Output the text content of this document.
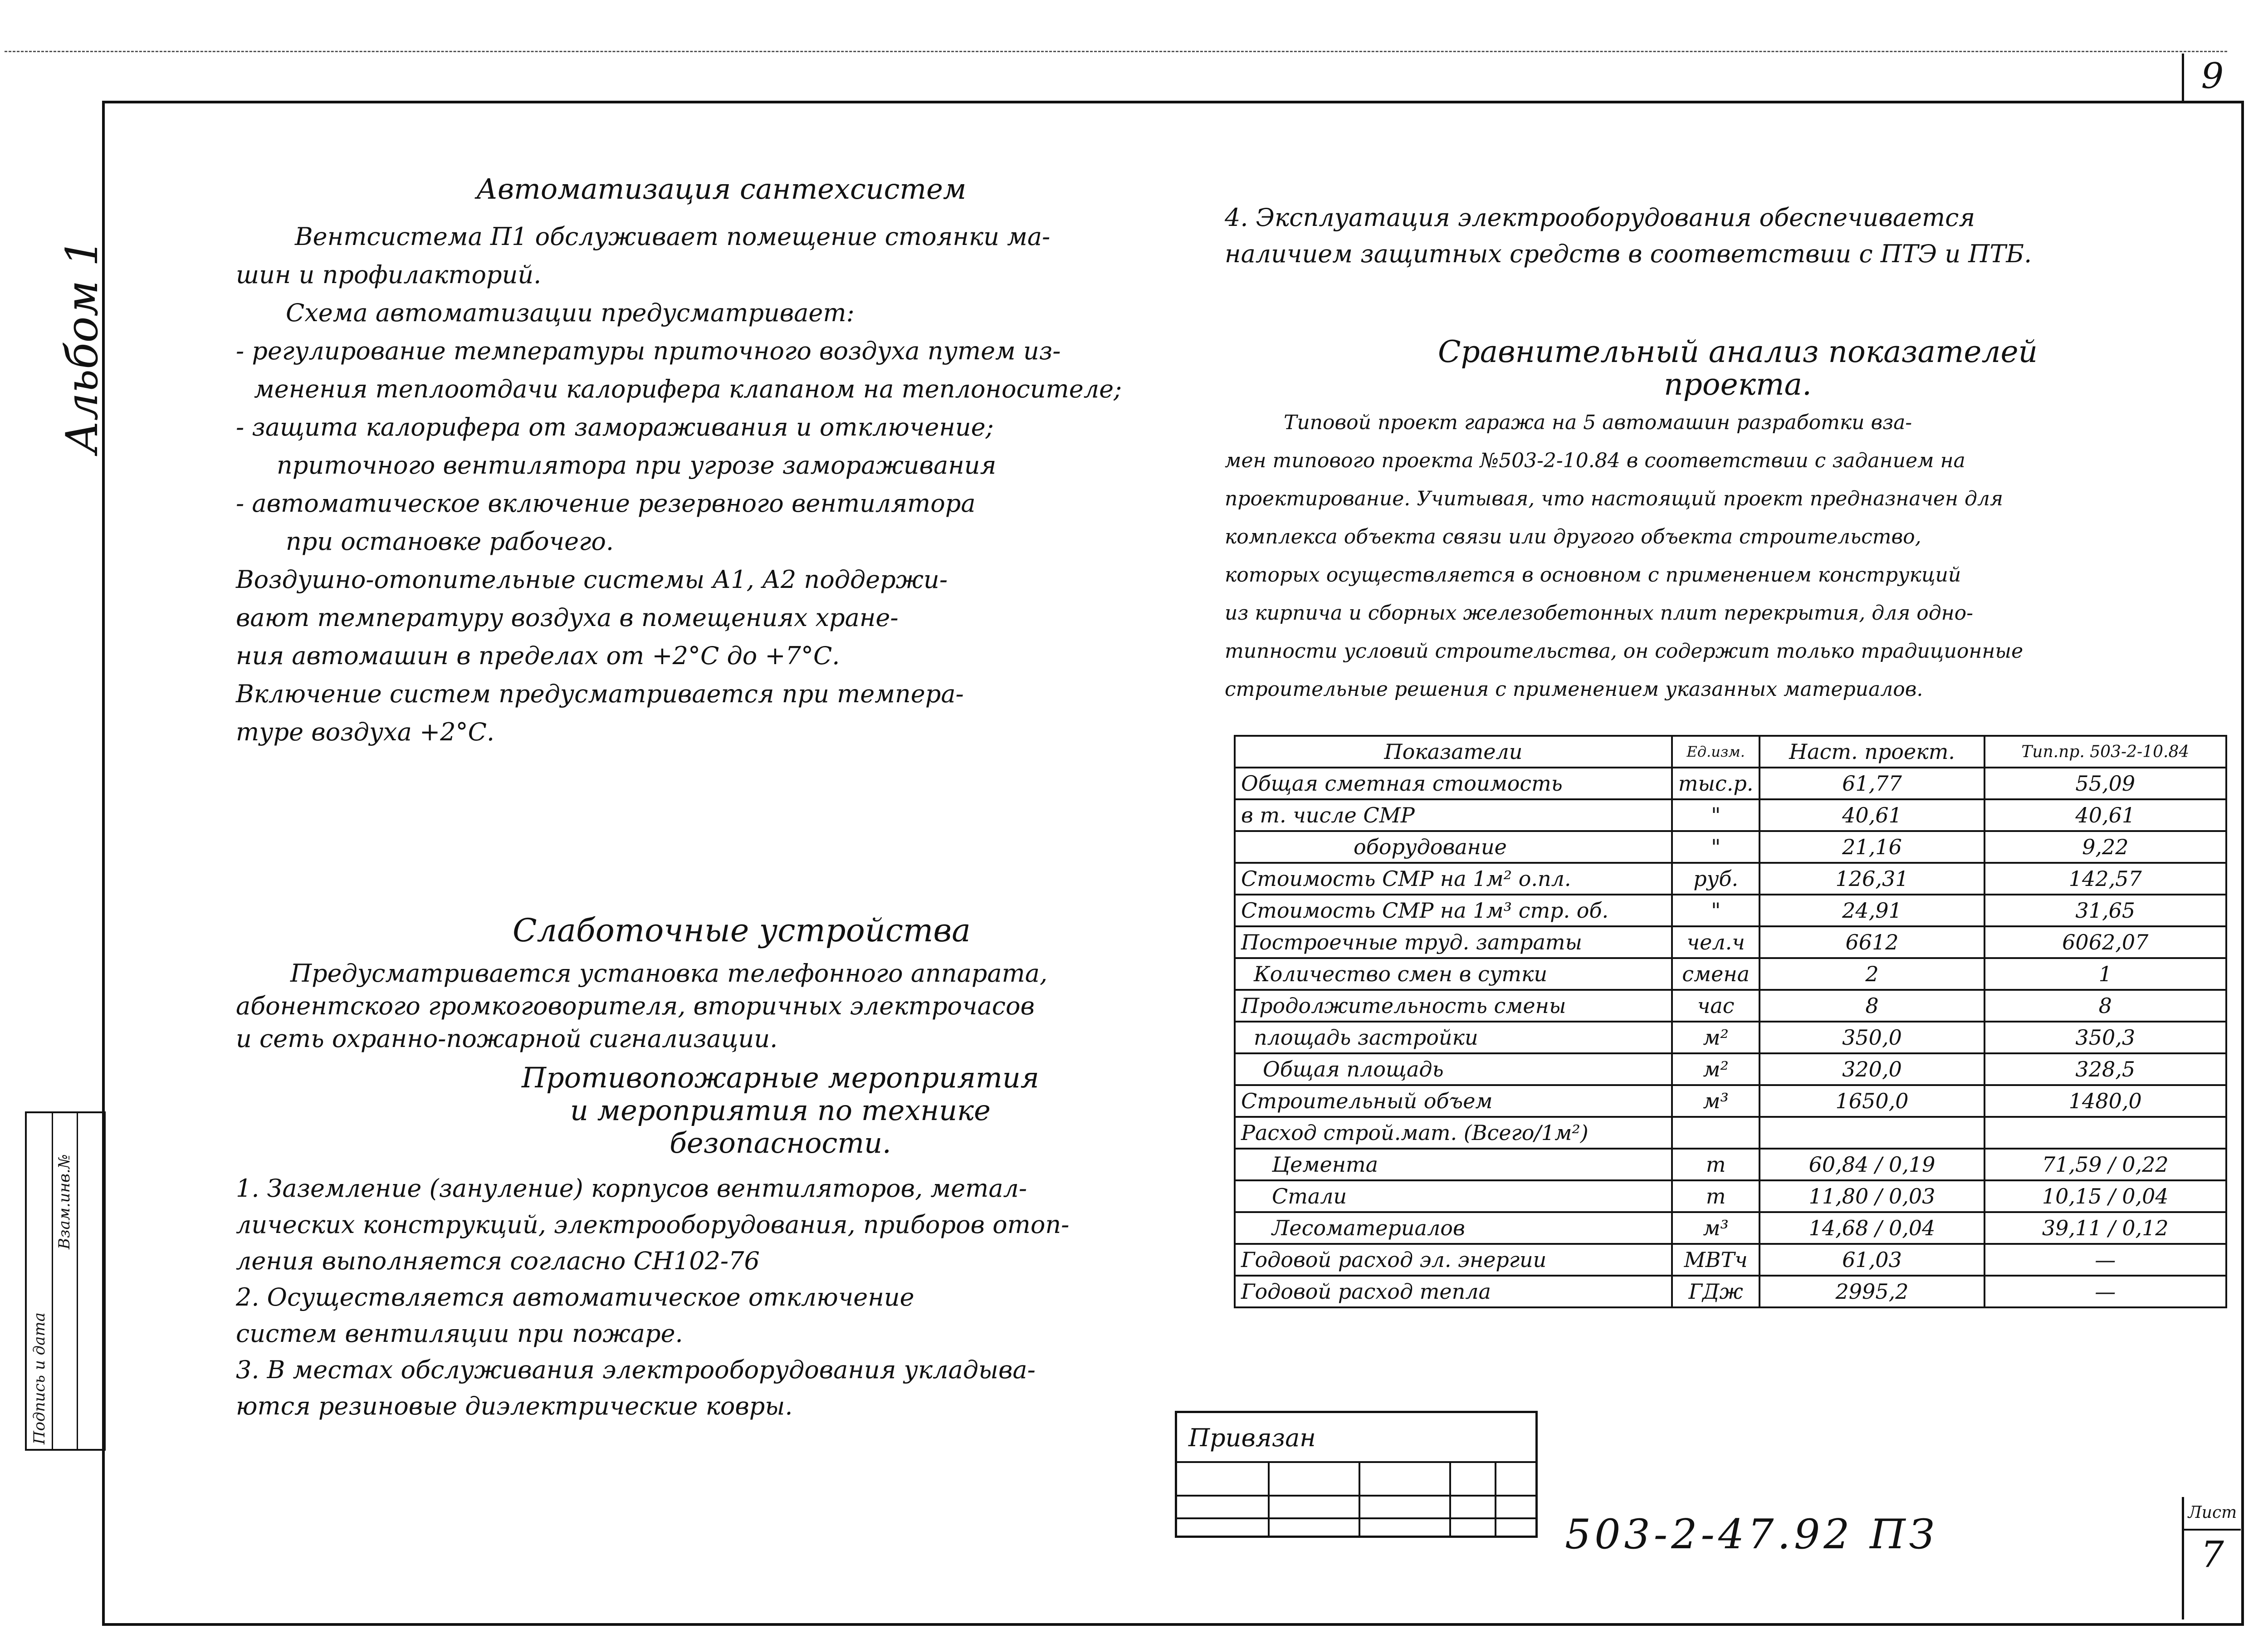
9
Альбом 1
Подпись и дата
Взам.инв.№
Автоматизация сантехсистем
Вентсистема П1 обслуживает помещение стоянки ма-
шин и профилакторий.
Схема автоматизации предусматривает:
- регулирование температуры приточного воздуха путем из-
менения теплоотдачи калорифера клапаном на теплоносителе;
- защита калорифера от замораживания и отключение;
приточного вентилятора при угрозе замораживания
- автоматическое включение резервного вентилятора
при остановке рабочего.
Воздушно-отопительные системы А1, А2 поддержи-
вают температуру воздуха в помещениях хране-
ния автомашин в пределах от +2°С до +7°С.
Включение систем предусматривается при темпера-
туре воздуха +2°С.
Слаботочные устройства
Предусматривается установка телефонного аппарата,
абонентского громкоговорителя, вторичных электрочасов
и сеть охранно-пожарной сигнализации.
Противопожарные мероприятия
и мероприятия по технике
безопасности.
1. Заземление (зануление) корпусов вентиляторов, метал-
лических конструкций, электрооборудования, приборов отоп-
ления выполняется согласно СН102-76
2. Осуществляется автоматическое отключение
систем вентиляции при пожаре.
3. В местах обслуживания электрооборудования укладыва-
ются резиновые диэлектрические ковры.
4. Эксплуатация электрооборудования обеспечивается
наличием защитных средств в соответствии с ПТЭ и ПТБ.
Сравнительный анализ показателей
проекта.
Типовой проект гаража на 5 автомашин разработки вза-
мен типового проекта №503-2-10.84 в соответствии с заданием на
проектирование. Учитывая, что настоящий проект предназначен для
комплекса объекта связи или другого объекта строительство,
которых осуществляется в основном с применением конструкций
из кирпича и сборных железобетонных плит перекрытия, для одно-
типности условий строительства, он содержит только традиционные
строительные решения с применением указанных материалов.
Показатели	Ед.изм.	Наст. проект.	Тип.пр. 503-2-10.84
Общая сметная стоимость	тыс.р.	61,77	55,09
в т. числе СМР	"	40,61	40,61
оборудование	"	21,16	9,22
Стоимость СМР на 1м² о.пл.	руб.	126,31	142,57
Стоимость СМР на 1м³ стр. об.	"	24,91	31,65
Построечные труд. затраты	чел.ч	6612	6062,07
Количество смен в сутки	смена	2	1
Продолжительность смены	час	8	8
площадь застройки	м²	350,0	350,3
Общая площадь	м²	320,0	328,5
Строительный объем	м³	1650,0	1480,0
Расход строй.мат. (Всего/1м²)			
Цемента	т	60,84 / 0,19	71,59 / 0,22
Стали	т	11,80 / 0,03	10,15 / 0,04
Лесоматериалов	м³	14,68 / 0,04	39,11 / 0,12
Годовой расход эл. энергии	МВТч	61,03	—
Годовой расход тепла	ГДж	2995,2	—
Привязан
503-2-47.92 ПЗ	Лист
7
